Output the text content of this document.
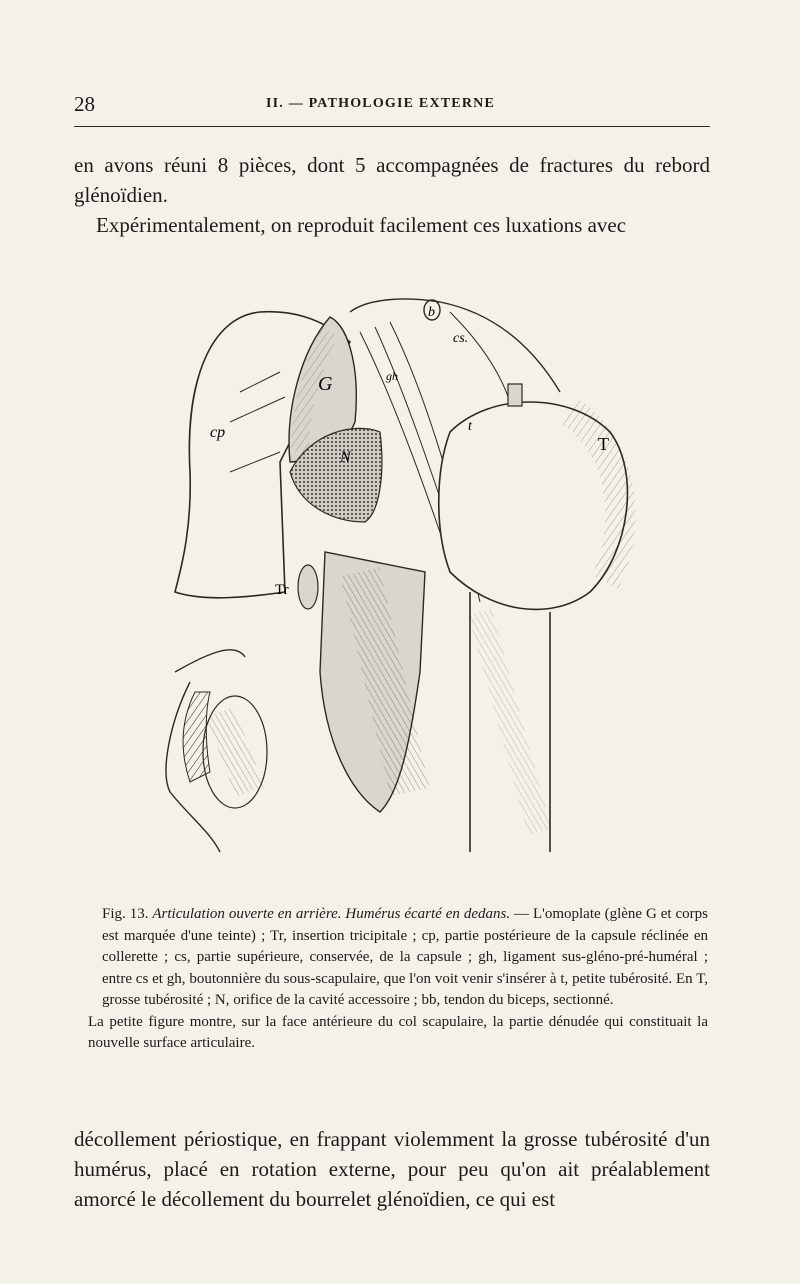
28	II. — PATHOLOGIE EXTERNE

en avons réuni 8 pièces, dont 5 accompagnées de fractures du rebord glénoïdien.

Expérimentalement, on reproduit facilement ces luxations avec

cp
cs.
G	gh
b
t
T
N
Tr

Fig. 13. Articulation ouverte en arrière. Humérus écarté en dedans. — L'omoplate (glène G et corps est marquée d'une teinte) ; Tr, insertion tricipitale ; cp, partie postérieure de la capsule réclinée en collerette ; cs, partie supérieure, conservée, de la capsule ; gh, ligament sus-gléno-pré-huméral ; entre cs et gh, boutonnière du sous-scapulaire, que l'on voit venir s'insérer à t, petite tubérosité. En T, grosse tubérosité ; N, orifice de la cavité accessoire ; bb, tendon du biceps, sectionné.

La petite figure montre, sur la face antérieure du col scapulaire, la partie dénudée qui constituait la nouvelle surface articulaire.

décollement périostique, en frappant violemment la grosse tubérosité d'un humérus, placé en rotation externe, pour peu qu'on ait préalablement amorcé le décollement du bourrelet glénoïdien, ce qui est
